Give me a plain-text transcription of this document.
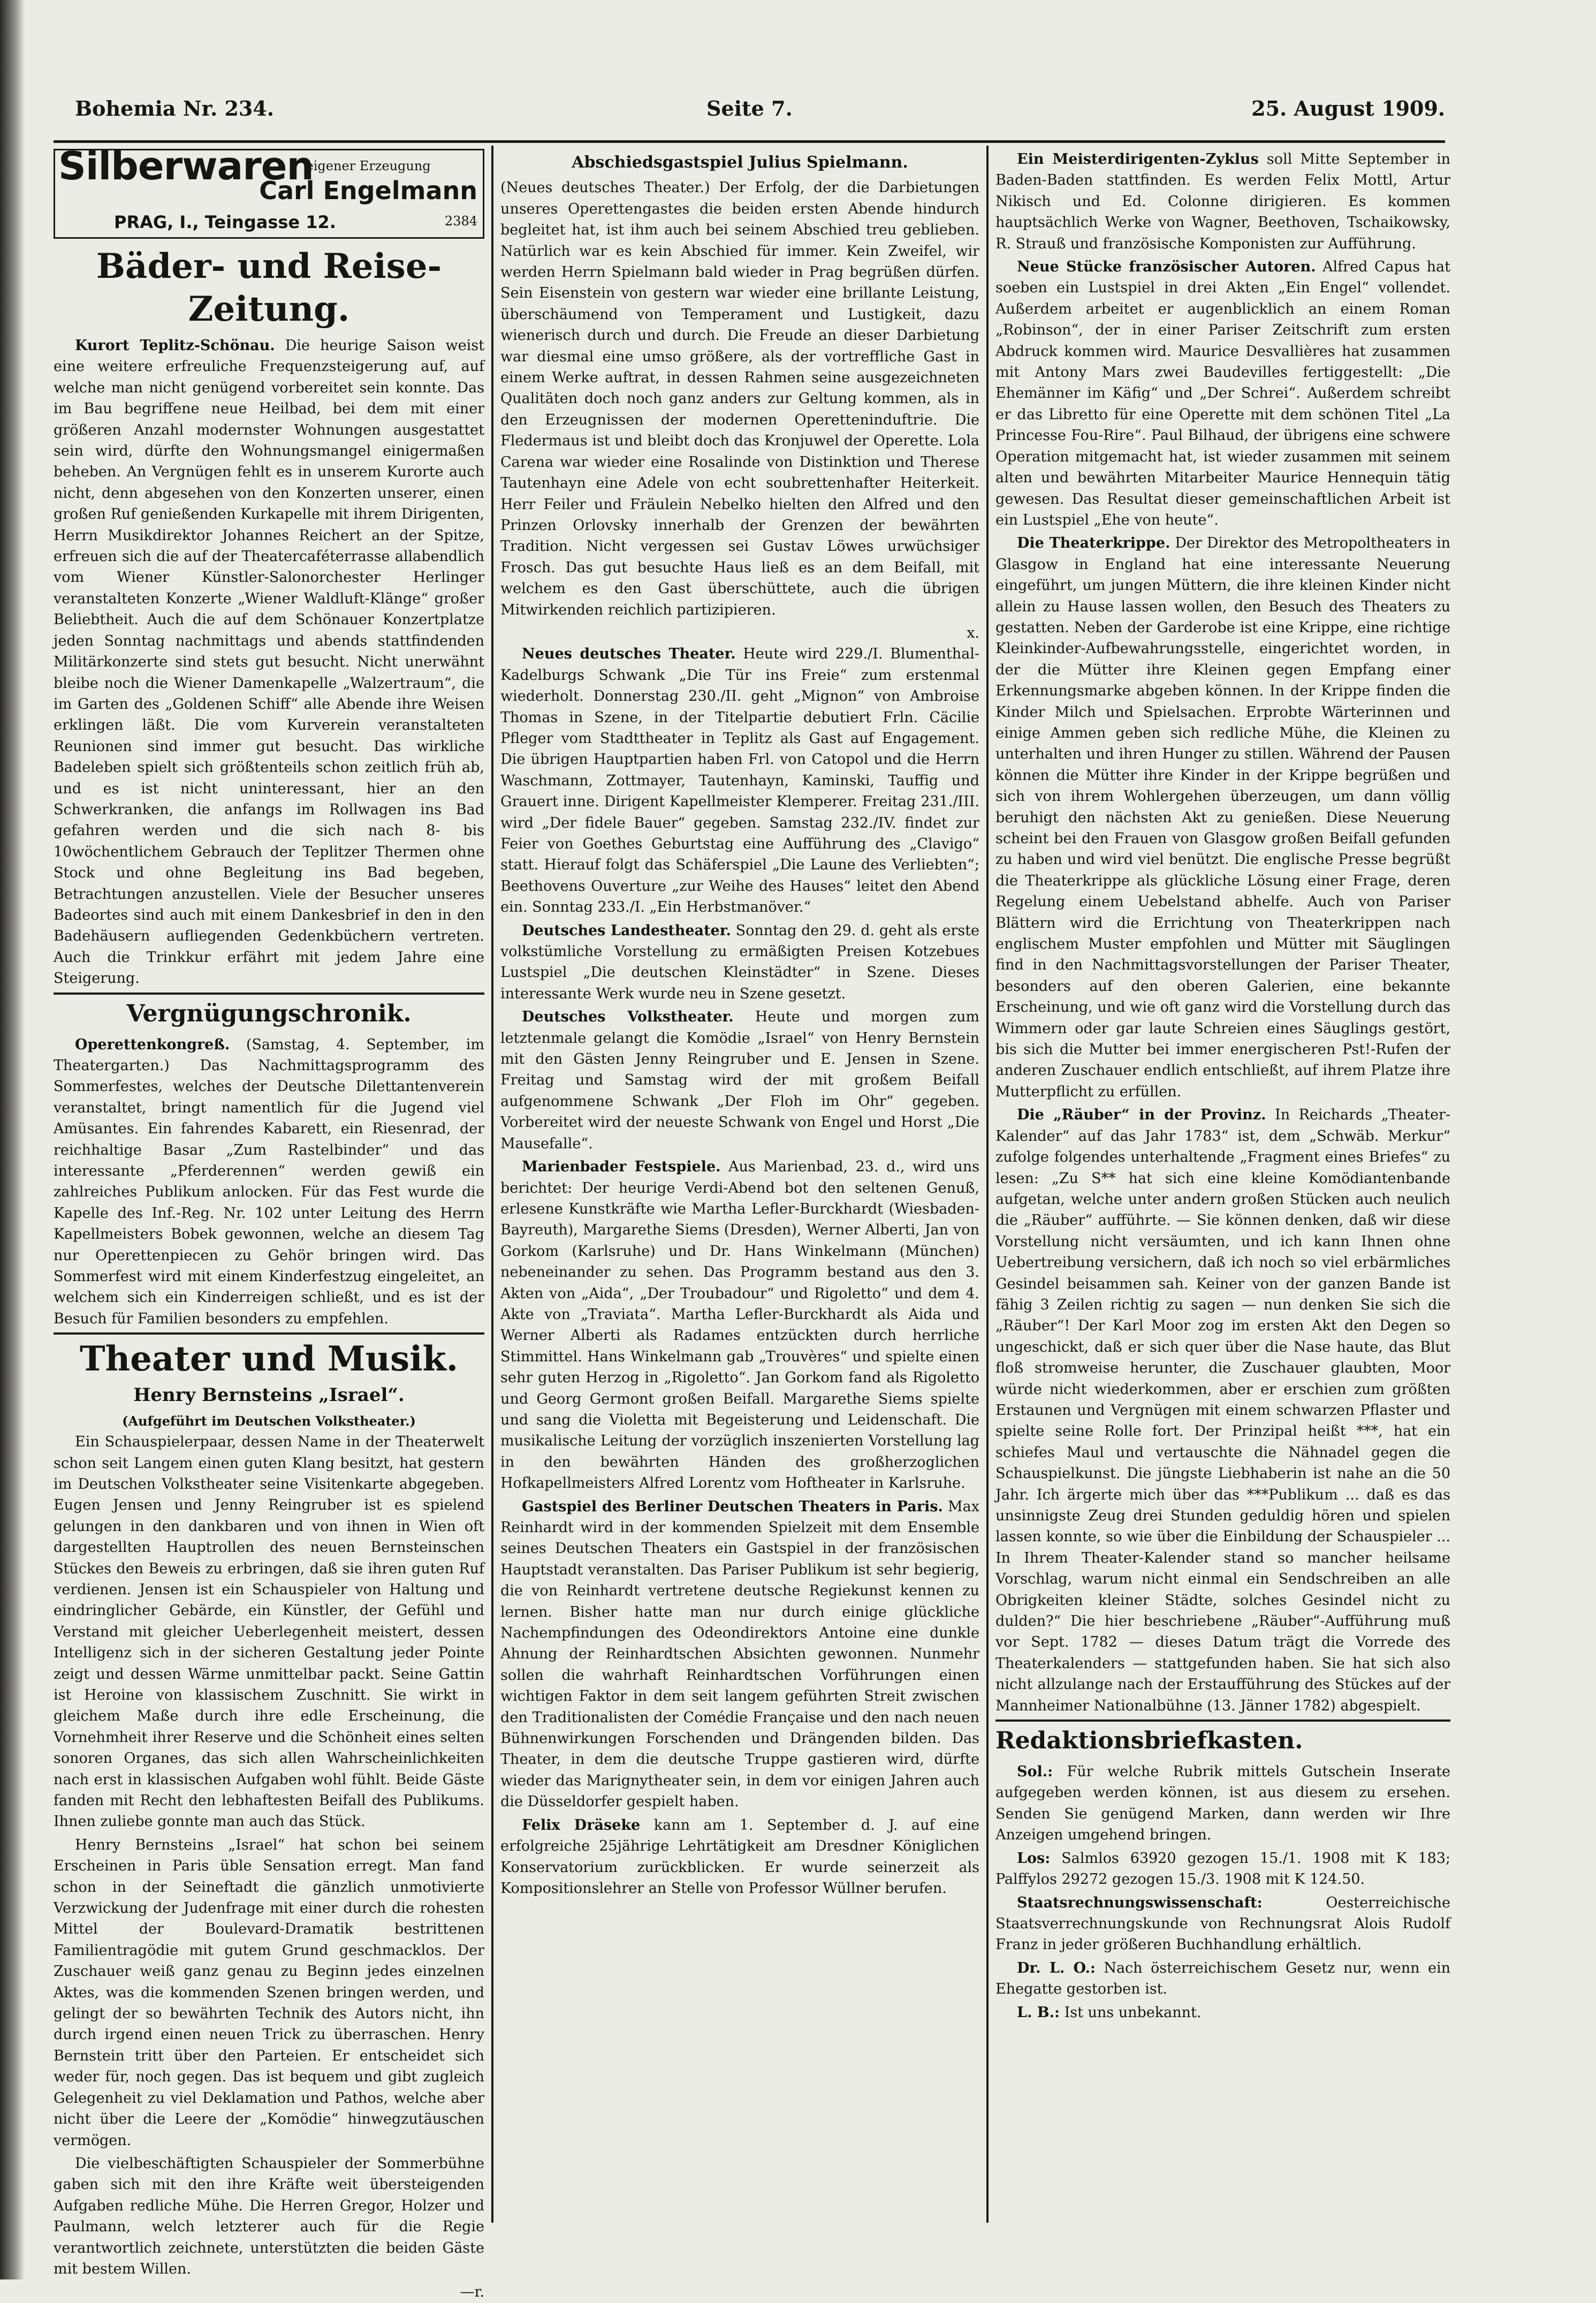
Bohemia Nr. 234.	Seite 7.	25. August 1909.
Silberwaren
eigener Erzeugung
Carl Engelmann
PRAG, I., Teingasse 12.	2384
Bäder- und Reise-Zeitung.

Kurort Teplitz-Schönau. Die heurige Saison weist eine weitere erfreuliche Frequenzsteigerung auf, auf welche man nicht genügend vorbereitet sein konnte. Das im Bau begriffene neue Heilbad, bei dem mit einer größeren Anzahl modernster Wohnungen ausgestattet sein wird, dürfte den Wohnungsmangel einigermaßen beheben. An Vergnügen fehlt es in unserem Kurorte auch nicht, denn abgesehen von den Konzerten unserer, einen großen Ruf genießenden Kurkapelle mit ihrem Dirigenten, Herrn Musikdirektor Johannes Reichert an der Spitze, erfreuen sich die auf der Theatercaféterrasse allabendlich vom Wiener Künstler-Salonorchester Herlinger veranstalteten Konzerte „Wiener Waldluft-Klänge“ großer Beliebtheit. Auch die auf dem Schönauer Konzertplatze jeden Sonntag nachmittags und abends stattfindenden Militärkonzerte sind stets gut besucht. Nicht unerwähnt bleibe noch die Wiener Damenkapelle „Walzertraum“, die im Garten des „Goldenen Schiff“ alle Abende ihre Weisen erklingen läßt. Die vom Kurverein veranstalteten Reunionen sind immer gut besucht. Das wirkliche Badeleben spielt sich größtenteils schon zeitlich früh ab, und es ist nicht uninteressant, hier an den Schwerkranken, die anfangs im Rollwagen ins Bad gefahren werden und die sich nach 8- bis 10wöchentlichem Gebrauch der Teplitzer Thermen ohne Stock und ohne Begleitung ins Bad begeben, Betrachtungen anzustellen. Viele der Besucher unseres Badeortes sind auch mit einem Dankesbrief in den in den Badehäusern aufliegenden Gedenkbüchern vertreten. Auch die Trinkkur erfährt mit jedem Jahre eine Steigerung.

Vergnügungschronik.

Operettenkongreß. (Samstag, 4. September, im Theatergarten.) Das Nachmittagsprogramm des Sommerfestes, welches der Deutsche Dilettantenverein veranstaltet, bringt namentlich für die Jugend viel Amüsantes. Ein fahrendes Kabarett, ein Riesenrad, der reichhaltige Basar „Zum Rastelbinder“ und das interessante „Pferderennen“ werden gewiß ein zahlreiches Publikum anlocken. Für das Fest wurde die Kapelle des Inf.-Reg. Nr. 102 unter Leitung des Herrn Kapellmeisters Bobek gewonnen, welche an diesem Tag nur Operettenpiecen zu Gehör bringen wird. Das Sommerfest wird mit einem Kinderfestzug eingeleitet, an welchem sich ein Kinderreigen schließt, und es ist der Besuch für Familien besonders zu empfehlen.

Theater und Musik.
Henry Bernsteins „Israel“.
(Aufgeführt im Deutschen Volkstheater.)

Ein Schauspielerpaar, dessen Name in der Theaterwelt schon seit Langem einen guten Klang besitzt, hat gestern im Deutschen Volkstheater seine Visitenkarte abgegeben. Eugen Jensen und Jenny Reingruber ist es spielend gelungen in den dankbaren und von ihnen in Wien oft dargestellten Hauptrollen des neuen Bernsteinschen Stückes den Beweis zu erbringen, daß sie ihren guten Ruf verdienen. Jensen ist ein Schauspieler von Haltung und eindringlicher Gebärde, ein Künstler, der Gefühl und Verstand mit gleicher Ueberlegenheit meistert, dessen Intelligenz sich in der sicheren Gestaltung jeder Pointe zeigt und dessen Wärme unmittelbar packt. Seine Gattin ist Heroine von klassischem Zuschnitt. Sie wirkt in gleichem Maße durch ihre edle Erscheinung, die Vornehmheit ihrer Reserve und die Schönheit eines selten sonoren Organes, das sich allen Wahrscheinlichkeiten nach erst in klassischen Aufgaben wohl fühlt. Beide Gäste fanden mit Recht den lebhaftesten Beifall des Publikums. Ihnen zuliebe gonnte man auch das Stück.

Henry Bernsteins „Israel“ hat schon bei seinem Erscheinen in Paris üble Sensation erregt. Man fand schon in der Seineftadt die gänzlich unmotivierte Verzwickung der Judenfrage mit einer durch die rohesten Mittel der Boulevard-Dramatik bestrittenen Familientragödie mit gutem Grund geschmacklos. Der Zuschauer weiß ganz genau zu Beginn jedes einzelnen Aktes, was die kommenden Szenen bringen werden, und gelingt der so bewährten Technik des Autors nicht, ihn durch irgend einen neuen Trick zu überraschen. Henry Bernstein tritt über den Parteien. Er entscheidet sich weder für, noch gegen. Das ist bequem und gibt zugleich Gelegenheit zu viel Deklamation und Pathos, welche aber nicht über die Leere der „Komödie“ hinwegzutäuschen vermögen.

Die vielbeschäftigten Schauspieler der Sommerbühne gaben sich mit den ihre Kräfte weit übersteigenden Aufgaben redliche Mühe. Die Herren Gregor, Holzer und Paulmann, welch letzterer auch für die Regie verantwortlich zeichnete, unterstützten die beiden Gäste mit bestem Willen.

—r.
Abschiedsgastspiel Julius Spielmann.

(Neues deutsches Theater.) Der Erfolg, der die Darbietungen unseres Operettengastes die beiden ersten Abende hindurch begleitet hat, ist ihm auch bei seinem Abschied treu geblieben. Natürlich war es kein Abschied für immer. Kein Zweifel, wir werden Herrn Spielmann bald wieder in Prag begrüßen dürfen. Sein Eisenstein von gestern war wieder eine brillante Leistung, überschäumend von Temperament und Lustigkeit, dazu wienerisch durch und durch. Die Freude an dieser Darbietung war diesmal eine umso größere, als der vortreffliche Gast in einem Werke auftrat, in dessen Rahmen seine ausgezeichneten Qualitäten doch noch ganz anders zur Geltung kommen, als in den Erzeugnissen der modernen Operetteninduftrie. Die Fledermaus ist und bleibt doch das Kronjuwel der Operette. Lola Carena war wieder eine Rosalinde von Distinktion und Therese Tautenhayn eine Adele von echt soubrettenhafter Heiterkeit. Herr Feiler und Fräulein Nebelko hielten den Alfred und den Prinzen Orlovsky innerhalb der Grenzen der bewährten Tradition. Nicht vergessen sei Gustav Löwes urwüchsiger Frosch. Das gut besuchte Haus ließ es an dem Beifall, mit welchem es den Gast überschüttete, auch die übrigen Mitwirkenden reichlich partizipieren.

x.

Neues deutsches Theater. Heute wird 229./I. Blumenthal-Kadelburgs Schwank „Die Tür ins Freie“ zum erstenmal wiederholt. Donnerstag 230./II. geht „Mignon“ von Ambroise Thomas in Szene, in der Titelpartie debutiert Frln. Cäcilie Pfleger vom Stadttheater in Teplitz als Gast auf Engagement. Die übrigen Hauptpartien haben Frl. von Catopol und die Herrn Waschmann, Zottmayer, Tautenhayn, Kaminski, Tauffig und Grauert inne. Dirigent Kapellmeister Klemperer. Freitag 231./III. wird „Der fidele Bauer“ gegeben. Samstag 232./IV. findet zur Feier von Goethes Geburtstag eine Aufführung des „Clavigo“ statt. Hierauf folgt das Schäferspiel „Die Laune des Verliebten“; Beethovens Ouverture „zur Weihe des Hauses“ leitet den Abend ein. Sonntag 233./I. „Ein Herbstmanöver.“

Deutsches Landestheater. Sonntag den 29. d. geht als erste volkstümliche Vorstellung zu ermäßigten Preisen Kotzebues Lustspiel „Die deutschen Kleinstädter“ in Szene. Dieses interessante Werk wurde neu in Szene gesetzt.

Deutsches Volkstheater. Heute und morgen zum letztenmale gelangt die Komödie „Israel“ von Henry Bernstein mit den Gästen Jenny Reingruber und E. Jensen in Szene. Freitag und Samstag wird der mit großem Beifall aufgenommene Schwank „Der Floh im Ohr“ gegeben. Vorbereitet wird der neueste Schwank von Engel und Horst „Die Mausefalle“.

Marienbader Festspiele. Aus Marienbad, 23. d., wird uns berichtet: Der heurige Verdi-Abend bot den seltenen Genuß, erlesene Kunstkräfte wie Martha Lefler-Burckhardt (Wiesbaden-Bayreuth), Margarethe Siems (Dresden), Werner Alberti, Jan von Gorkom (Karlsruhe) und Dr. Hans Winkelmann (München) nebeneinander zu sehen. Das Programm bestand aus den 3. Akten von „Aida“, „Der Troubadour“ und Rigoletto“ und dem 4. Akte von „Traviata“. Martha Lefler-Burckhardt als Aida und Werner Alberti als Radames entzückten durch herrliche Stimmittel. Hans Winkelmann gab „Trouvères“ und spielte einen sehr guten Herzog in „Rigoletto“. Jan Gorkom fand als Rigoletto und Georg Germont großen Beifall. Margarethe Siems spielte und sang die Violetta mit Begeisterung und Leidenschaft. Die musikalische Leitung der vorzüglich inszenierten Vorstellung lag in den bewährten Händen des großherzoglichen Hofkapellmeisters Alfred Lorentz vom Hoftheater in Karlsruhe.

Gastspiel des Berliner Deutschen Theaters in Paris. Max Reinhardt wird in der kommenden Spielzeit mit dem Ensemble seines Deutschen Theaters ein Gastspiel in der französischen Hauptstadt veranstalten. Das Pariser Publikum ist sehr begierig, die von Reinhardt vertretene deutsche Regiekunst kennen zu lernen. Bisher hatte man nur durch einige glückliche Nachempfindungen des Odeondirektors Antoine eine dunkle Ahnung der Reinhardtschen Absichten gewonnen. Nunmehr sollen die wahrhaft Reinhardtschen Vorführungen einen wichtigen Faktor in dem seit langem geführten Streit zwischen den Traditionalisten der Comédie Française und den nach neuen Bühnenwirkungen Forschenden und Drängenden bilden. Das Theater, in dem die deutsche Truppe gastieren wird, dürfte wieder das Marignytheater sein, in dem vor einigen Jahren auch die Düsseldorfer gespielt haben.

Felix Dräseke kann am 1. September d. J. auf eine erfolgreiche 25jährige Lehrtätigkeit am Dresdner Königlichen Konservatorium zurückblicken. Er wurde seinerzeit als Kompositionslehrer an Stelle von Professor Wüllner berufen.

Ein Meisterdirigenten-Zyklus soll Mitte September in Baden-Baden stattfinden. Es werden Felix Mottl, Artur Nikisch und Ed. Colonne dirigieren. Es kommen hauptsächlich Werke von Wagner, Beethoven, Tschaikowsky, R. Strauß und französische Komponisten zur Aufführung.

Neue Stücke französischer Autoren. Alfred Capus hat soeben ein Lustspiel in drei Akten „Ein Engel“ vollendet. Außerdem arbeitet er augenblicklich an einem Roman „Robinson“, der in einer Pariser Zeitschrift zum ersten Abdruck kommen wird. Maurice Desvallières hat zusammen mit Antony Mars zwei Baudevilles fertiggestellt: „Die Ehemänner im Käfig“ und „Der Schrei“. Außerdem schreibt er das Libretto für eine Operette mit dem schönen Titel „La Princesse Fou-Rire“. Paul Bilhaud, der übrigens eine schwere Operation mitgemacht hat, ist wieder zusammen mit seinem alten und bewährten Mitarbeiter Maurice Hennequin tätig gewesen. Das Resultat dieser gemeinschaftlichen Arbeit ist ein Lustspiel „Ehe von heute“.

Die Theaterkrippe. Der Direktor des Metropoltheaters in Glasgow in England hat eine interessante Neuerung eingeführt, um jungen Müttern, die ihre kleinen Kinder nicht allein zu Hause lassen wollen, den Besuch des Theaters zu gestatten. Neben der Garderobe ist eine Krippe, eine richtige Kleinkinder-Aufbewahrungsstelle, eingerichtet worden, in der die Mütter ihre Kleinen gegen Empfang einer Erkennungsmarke abgeben können. In der Krippe finden die Kinder Milch und Spielsachen. Erprobte Wärterinnen und einige Ammen geben sich redliche Mühe, die Kleinen zu unterhalten und ihren Hunger zu stillen. Während der Pausen können die Mütter ihre Kinder in der Krippe begrüßen und sich von ihrem Wohlergehen überzeugen, um dann völlig beruhigt den nächsten Akt zu genießen. Diese Neuerung scheint bei den Frauen von Glasgow großen Beifall gefunden zu haben und wird viel benützt. Die englische Presse begrüßt die Theaterkrippe als glückliche Lösung einer Frage, deren Regelung einem Uebelstand abhelfe. Auch von Pariser Blättern wird die Errichtung von Theaterkrippen nach englischem Muster empfohlen und Mütter mit Säuglingen find in den Nachmittagsvorstellungen der Pariser Theater, besonders auf den oberen Galerien, eine bekannte Erscheinung, und wie oft ganz wird die Vorstellung durch das Wimmern oder gar laute Schreien eines Säuglings gestört, bis sich die Mutter bei immer energischeren Pst!-Rufen der anderen Zuschauer endlich entschließt, auf ihrem Platze ihre Mutterpflicht zu erfüllen.

Die „Räuber“ in der Provinz. In Reichards „Theater-Kalender“ auf das Jahr 1783“ ist, dem „Schwäb. Merkur“ zufolge folgendes unterhaltende „Fragment eines Briefes“ zu lesen: „Zu S** hat sich eine kleine Komödiantenbande aufgetan, welche unter andern großen Stücken auch neulich die „Räuber“ aufführte. — Sie können denken, daß wir diese Vorstellung nicht versäumten, und ich kann Ihnen ohne Uebertreibung versichern, daß ich noch so viel erbärmliches Gesindel beisammen sah. Keiner von der ganzen Bande ist fähig 3 Zeilen richtig zu sagen — nun denken Sie sich die „Räuber“! Der Karl Moor zog im ersten Akt den Degen so ungeschickt, daß er sich quer über die Nase haute, das Blut floß stromweise herunter, die Zuschauer glaubten, Moor würde nicht wiederkommen, aber er erschien zum größten Erstaunen und Vergnügen mit einem schwarzen Pflaster und spielte seine Rolle fort. Der Prinzipal heißt ***, hat ein schiefes Maul und vertauschte die Nähnadel gegen die Schauspielkunst. Die jüngste Liebhaberin ist nahe an die 50 Jahr. Ich ärgerte mich über das ***Publikum ... daß es das unsinnigste Zeug drei Stunden geduldig hören und spielen lassen konnte, so wie über die Einbildung der Schauspieler ... In Ihrem Theater-Kalender stand so mancher heilsame Vorschlag, warum nicht einmal ein Sendschreiben an alle Obrigkeiten kleiner Städte, solches Gesindel nicht zu dulden?“ Die hier beschriebene „Räuber“-Aufführung muß vor Sept. 1782 — dieses Datum trägt die Vorrede des Theaterkalenders — stattgefunden haben. Sie hat sich also nicht allzulange nach der Erstaufführung des Stückes auf der Mannheimer Nationalbühne (13. Jänner 1782) abgespielt.

Redaktionsbriefkasten.

Sol.: Für welche Rubrik mittels Gutschein Inserate aufgegeben werden können, ist aus diesem zu ersehen. Senden Sie genügend Marken, dann werden wir Ihre Anzeigen umgehend bringen.

Los: Salmlos 63920 gezogen 15./1. 1908 mit K 183; Palffylos 29272 gezogen 15./3. 1908 mit K 124.50.

Staatsrechnungswissenschaft:	Oesterreichische Staatsverrechnungskunde von Rechnungsrat Alois Rudolf Franz in jeder größeren Buchhandlung erhältlich.

Dr. L. O.: Nach österreichischem Gesetz nur, wenn ein Ehegatte gestorben ist.

L. B.: Ist uns unbekannt.
